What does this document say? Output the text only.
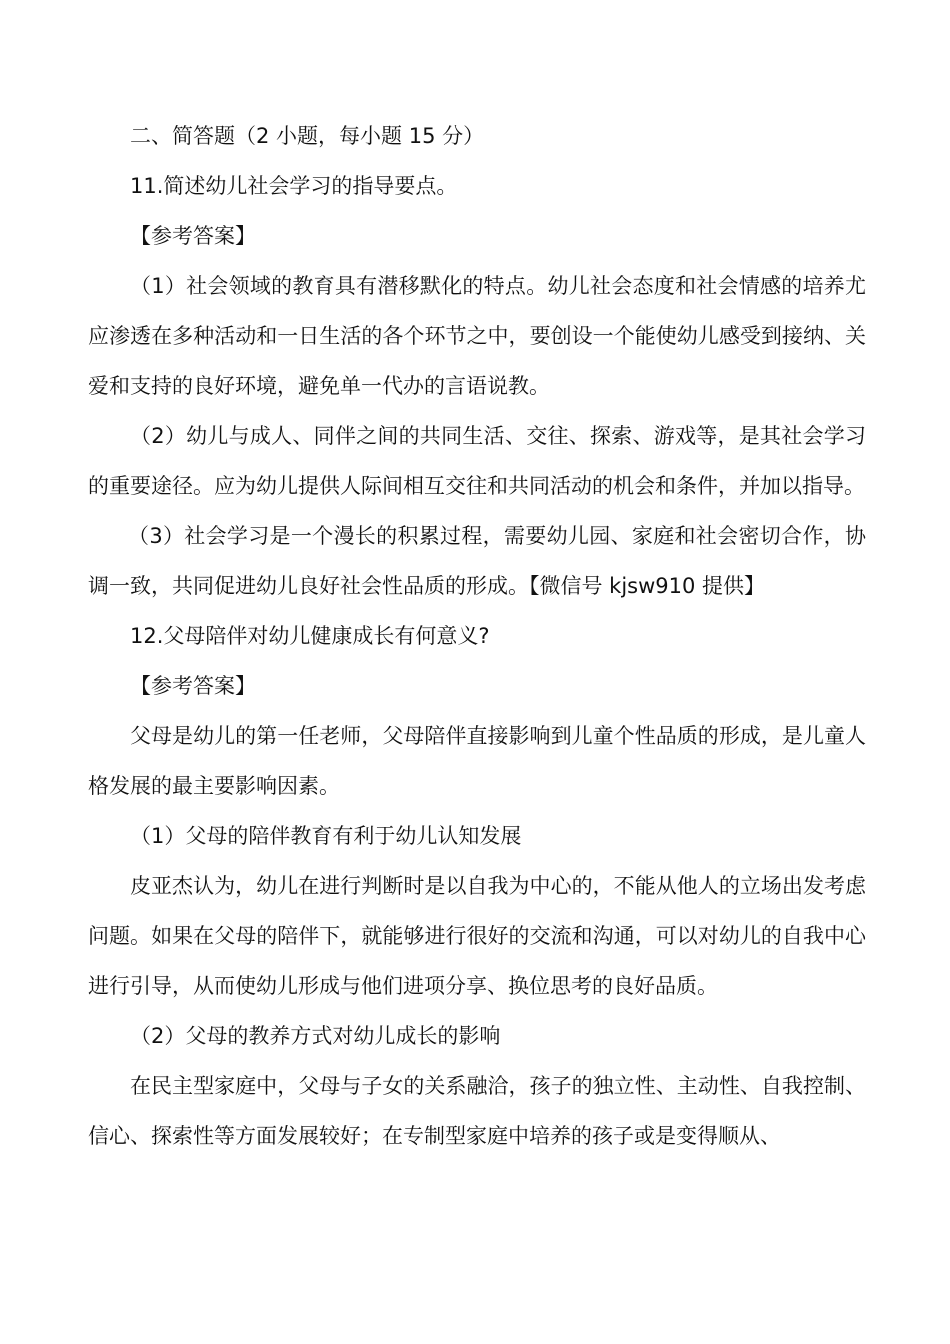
二、简答题（2 小题，每小题 15 分）

11.简述幼儿社会学习的指导要点。

【参考答案】

（1）社会领域的教育具有潜移默化的特点。幼儿社会态度和社会情感的培养尤应渗透在多种活动和一日生活的各个环节之中，要创设一个能使幼儿感受到接纳、关爱和支持的良好环境，避免单一代办的言语说教。

（2）幼儿与成人、同伴之间的共同生活、交往、探索、游戏等，是其社会学习的重要途径。应为幼儿提供人际间相互交往和共同活动的机会和条件，并加以指导。

（3）社会学习是一个漫长的积累过程，需要幼儿园、家庭和社会密切合作，协调一致，共同促进幼儿良好社会性品质的形成。【微信号 kjsw910 提供】

12.父母陪伴对幼儿健康成长有何意义?

【参考答案】

父母是幼儿的第一任老师，父母陪伴直接影响到儿童个性品质的形成，是儿童人格发展的最主要影响因素。

（1）父母的陪伴教育有利于幼儿认知发展

皮亚杰认为，幼儿在进行判断时是以自我为中心的，不能从他人的立场出发考虑问题。如果在父母的陪伴下，就能够进行很好的交流和沟通，可以对幼儿的自我中心进行引导，从而使幼儿形成与他们进项分享、换位思考的良好品质。

（2）父母的教养方式对幼儿成长的影响

在民主型家庭中，父母与子女的关系融洽，孩子的独立性、主动性、自我控制、信心、探索性等方面发展较好；在专制型家庭中培养的孩子或是变得顺从、
